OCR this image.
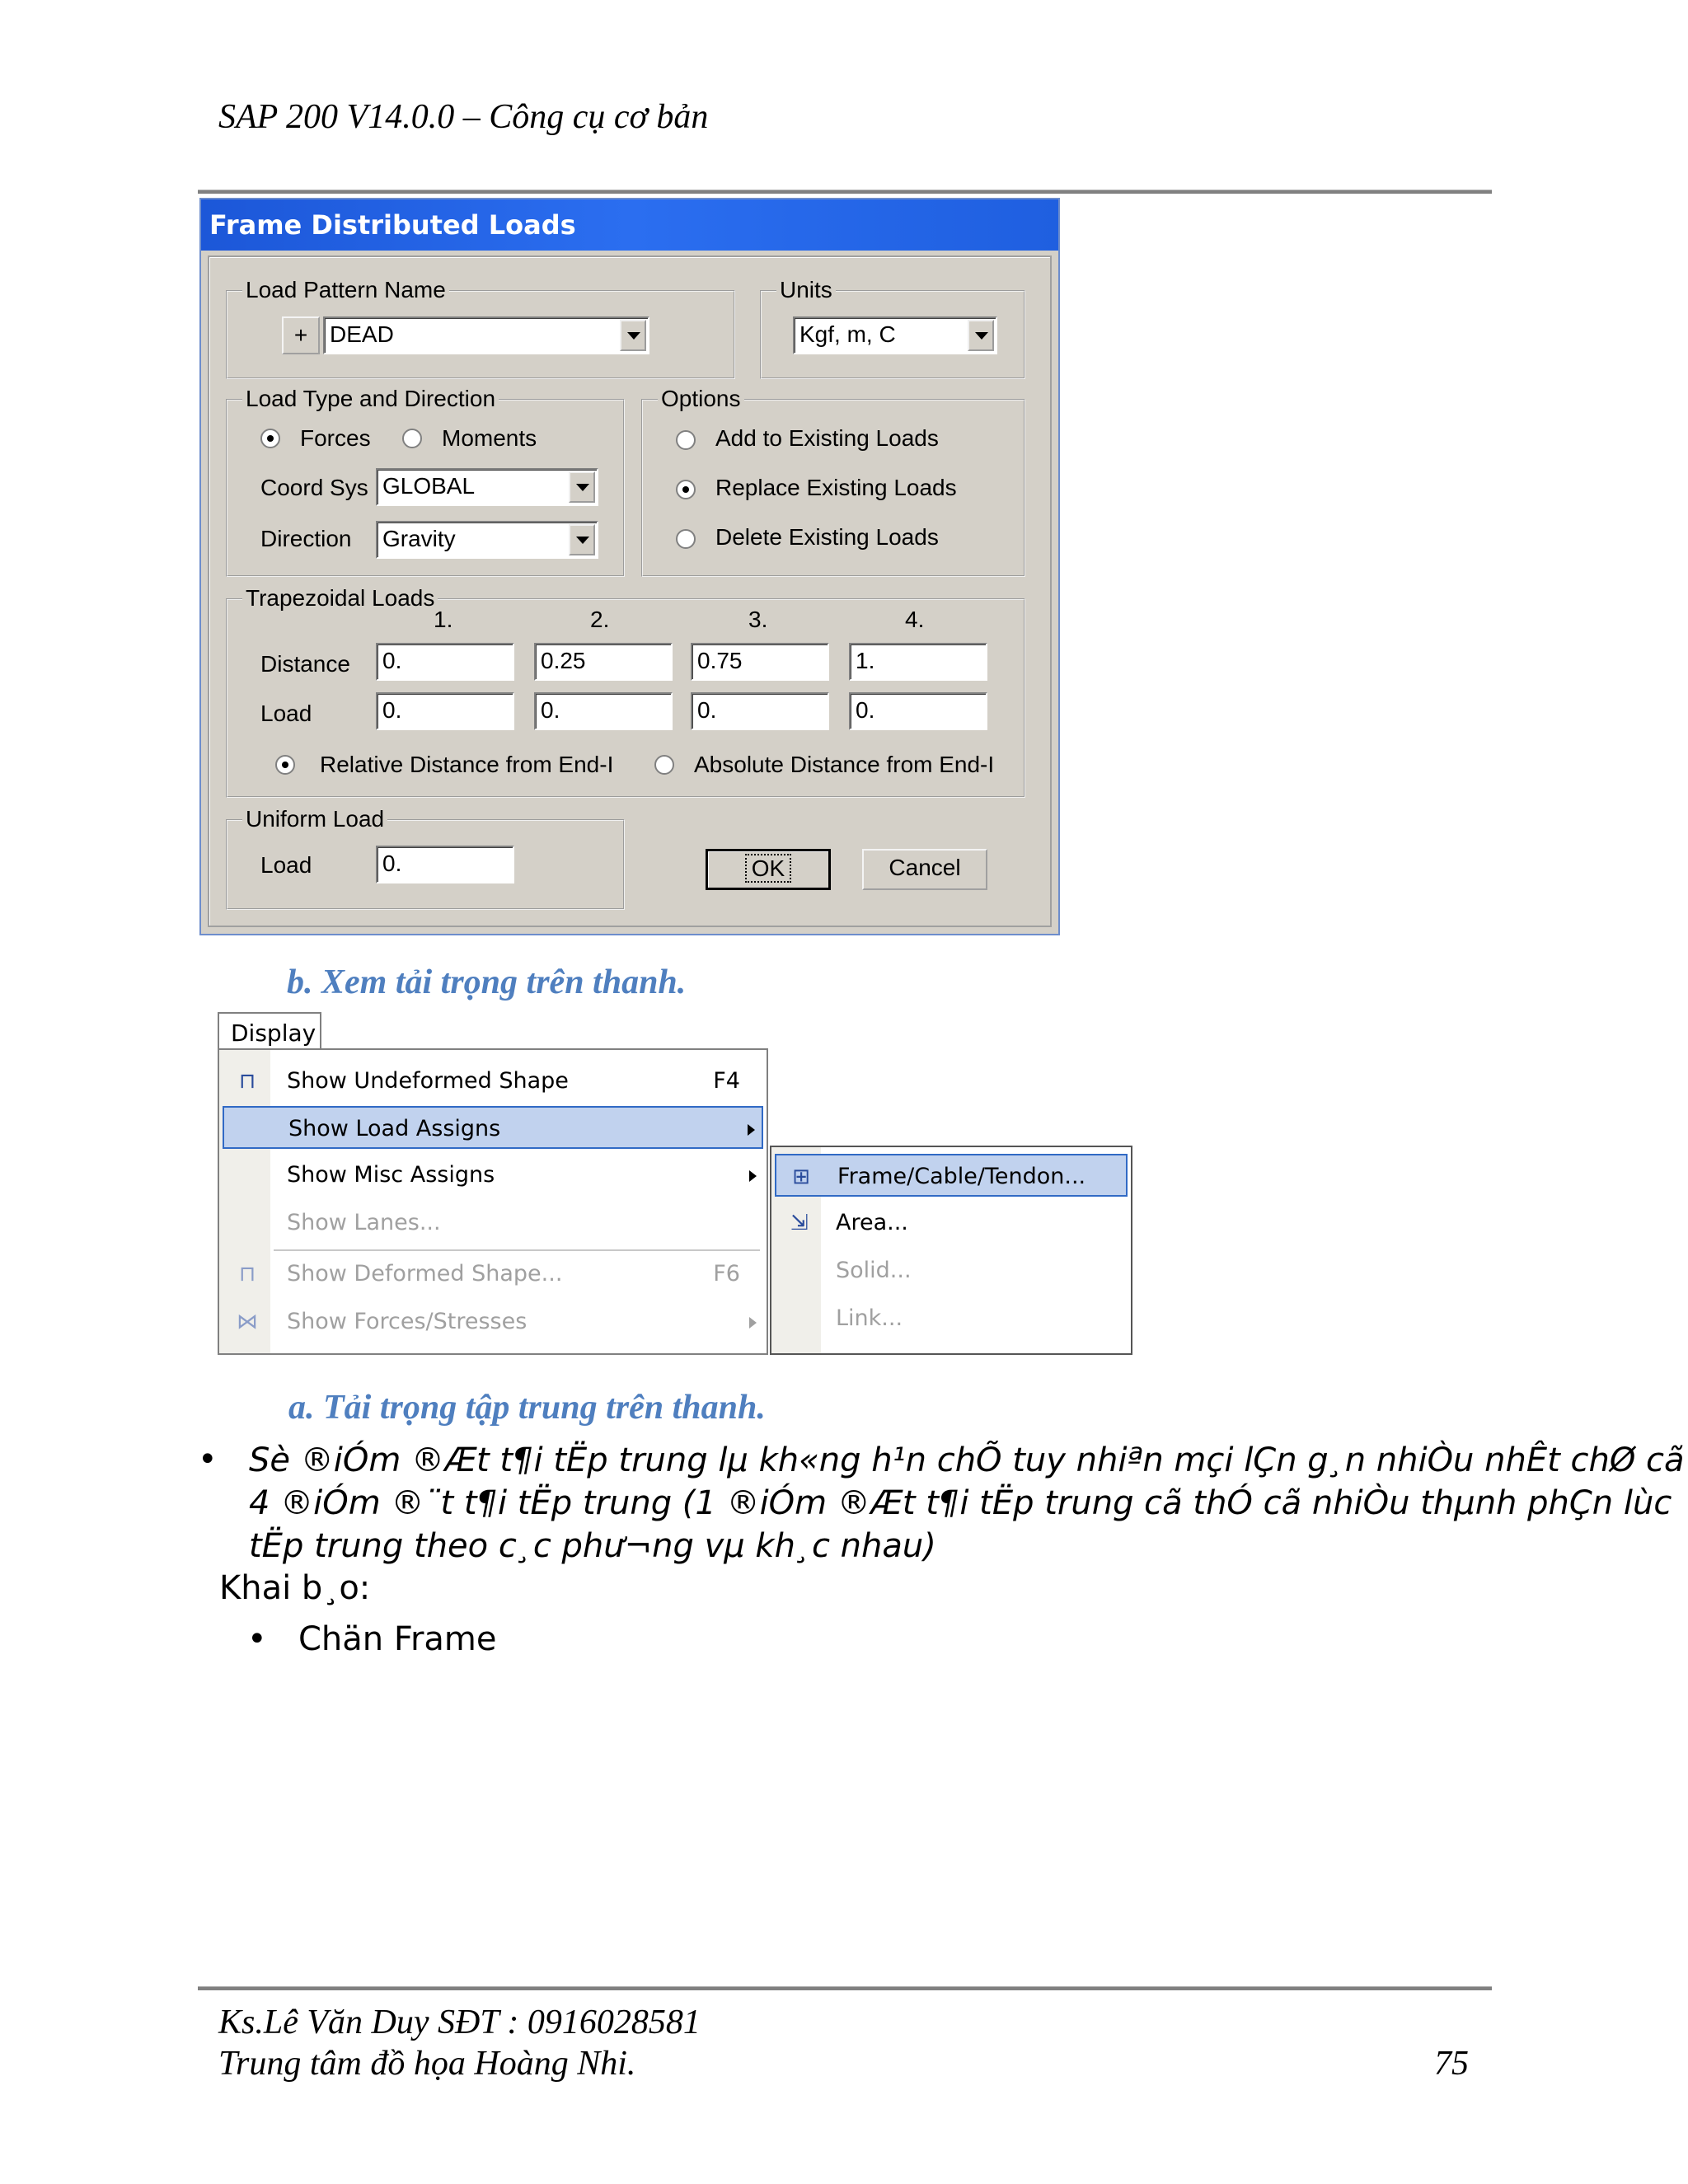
SAP 200 V14.0.0 – Công cụ cơ bản
Frame Distributed Loads
Load Pattern Name
+ DEAD
Units
Kgf, m, C
Load Type and Direction
Forces	Moments
Coord Sys GLOBAL
Direction Gravity
Options
Add to Existing Loads
Replace Existing Loads
Delete Existing Loads
Trapezoidal Loads
1.	2.	3.	4.
Distance 0.	0.25	0.75	1.
Load	0.	0.	0.	0.
Relative Distance from End-I	Absolute Distance from End-I
Uniform Load
Load	0.	OK	Cancel
b. Xem tải trọng trên thanh.
Display
⊓ Show Undeformed Shape	F4
Show Load Assigns
Show Misc Assigns
Show Lanes...
⊓ Show Deformed Shape...	F6
⋈ Show Forces/Stresses
⊞ Frame/Cable/Tendon...
⇲ Area...
Solid...
Link...
a. Tải trọng tập trung trên thanh.
• Sè ®iÓm ®Æt t¶i tËp trung lµ kh«ng h¹n chÕ tuy nhiªn mçi lÇn g¸n nhiÒu nhÊt chØ cã
4 ®iÓm ®¨t t¶i tËp trung (1 ®iÓm ®Æt t¶i tËp trung cã thÓ cã nhiÒu thµnh phÇn lùc
tËp trung theo c¸c phư¬ng vµ kh¸c nhau)
Khai b¸o:
• Chän Frame
Ks.Lê Văn Duy SĐT : 0916028581
Trung tâm đồ họa Hoàng Nhi.	75
